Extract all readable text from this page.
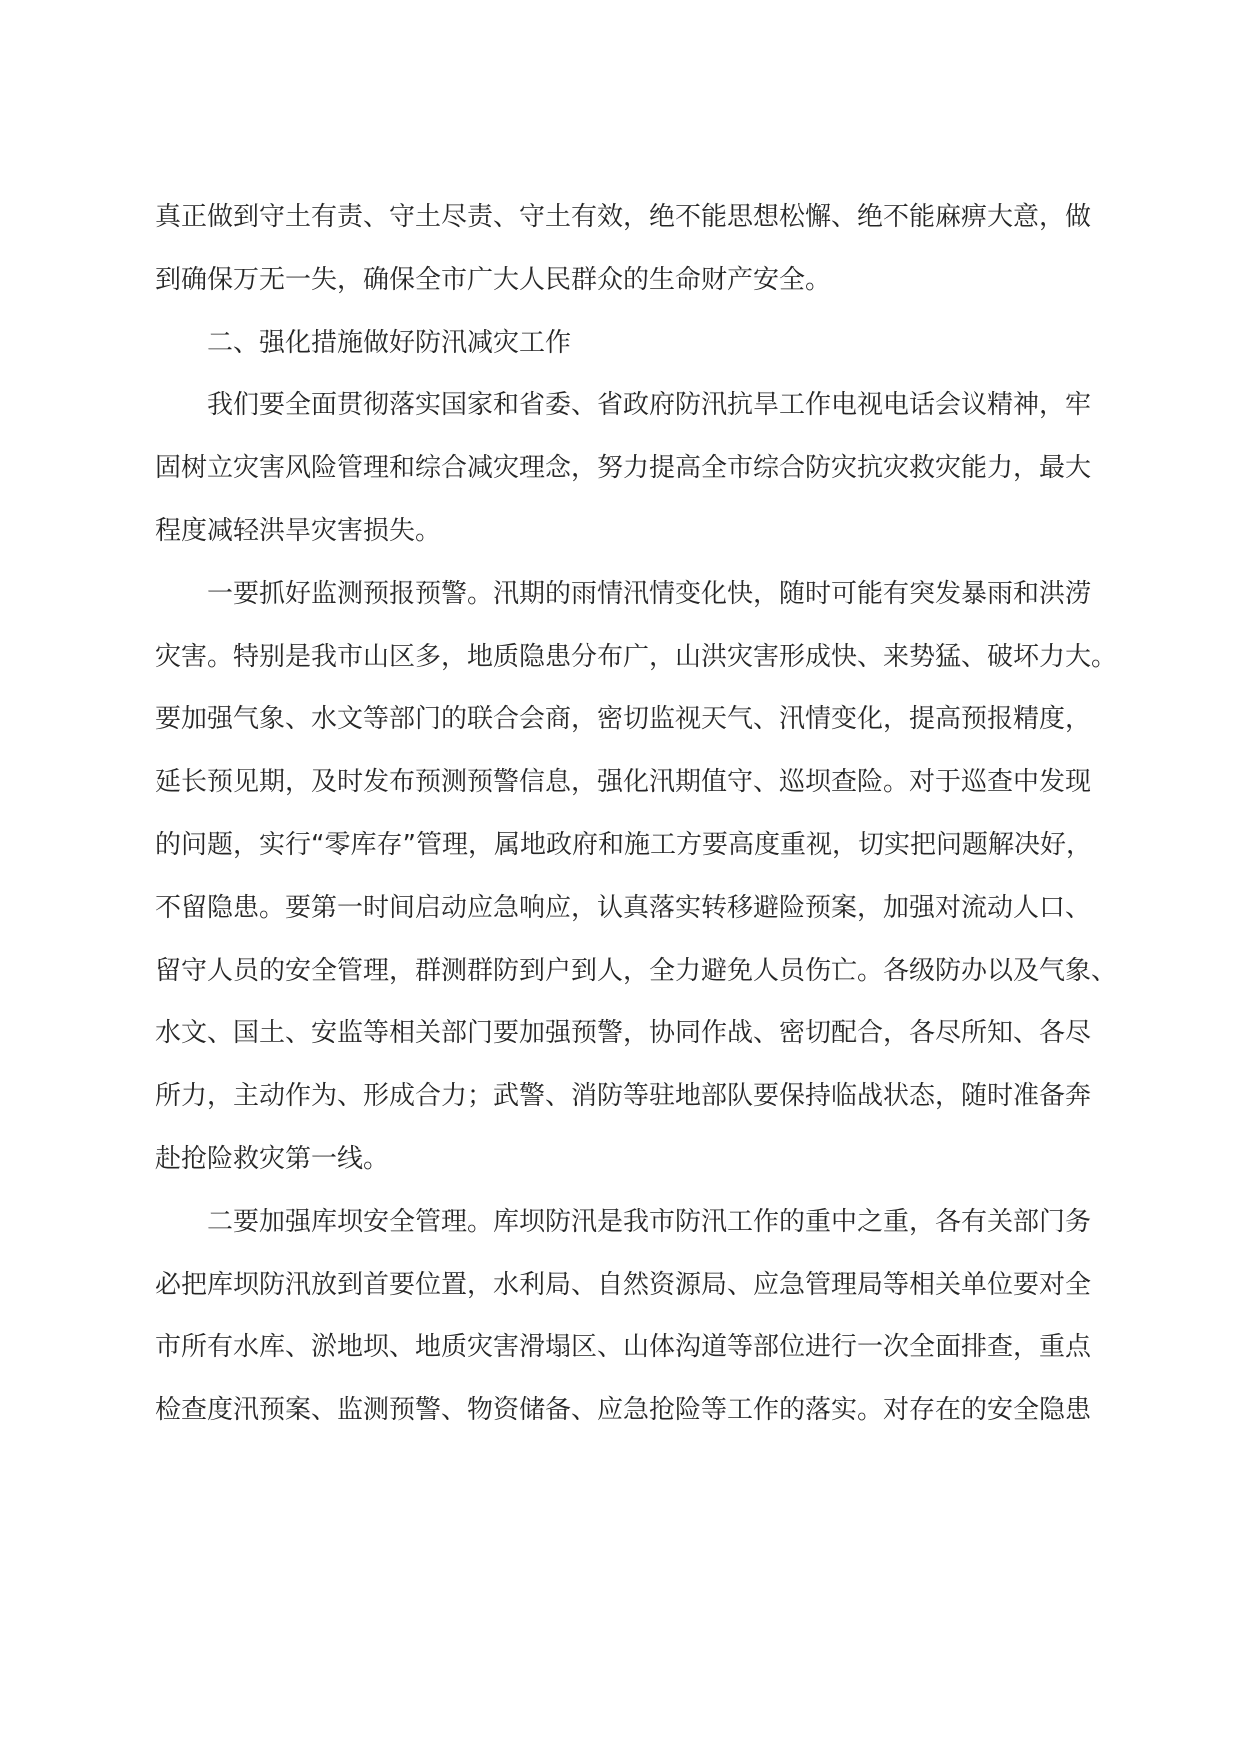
真正做到守土有责、守土尽责、守土有效，绝不能思想松懈、绝不能麻痹大意，做
到确保万无一失，确保全市广大人民群众的生命财产安全。
二、强化措施做好防汛减灾工作
我们要全面贯彻落实国家和省委、省政府防汛抗旱工作电视电话会议精神，牢
固树立灾害风险管理和综合减灾理念，努力提高全市综合防灾抗灾救灾能力，最大
程度减轻洪旱灾害损失。
一要抓好监测预报预警。汛期的雨情汛情变化快，随时可能有突发暴雨和洪涝
灾害。特别是我市山区多，地质隐患分布广，山洪灾害形成快、来势猛、破坏力大。
要加强气象、水文等部门的联合会商，密切监视天气、汛情变化，提高预报精度，
延长预见期，及时发布预测预警信息，强化汛期值守、巡坝查险。对于巡查中发现
的问题，实行“零库存”管理，属地政府和施工方要高度重视，切实把问题解决好，
不留隐患。要第一时间启动应急响应，认真落实转移避险预案，加强对流动人口、
留守人员的安全管理，群测群防到户到人，全力避免人员伤亡。各级防办以及气象、
水文、国土、安监等相关部门要加强预警，协同作战、密切配合，各尽所知、各尽
所力，主动作为、形成合力；武警、消防等驻地部队要保持临战状态，随时准备奔
赴抢险救灾第一线。
二要加强库坝安全管理。库坝防汛是我市防汛工作的重中之重，各有关部门务
必把库坝防汛放到首要位置，水利局、自然资源局、应急管理局等相关单位要对全
市所有水库、淤地坝、地质灾害滑塌区、山体沟道等部位进行一次全面排查，重点
检查度汛预案、监测预警、物资储备、应急抢险等工作的落实。对存在的安全隐患
